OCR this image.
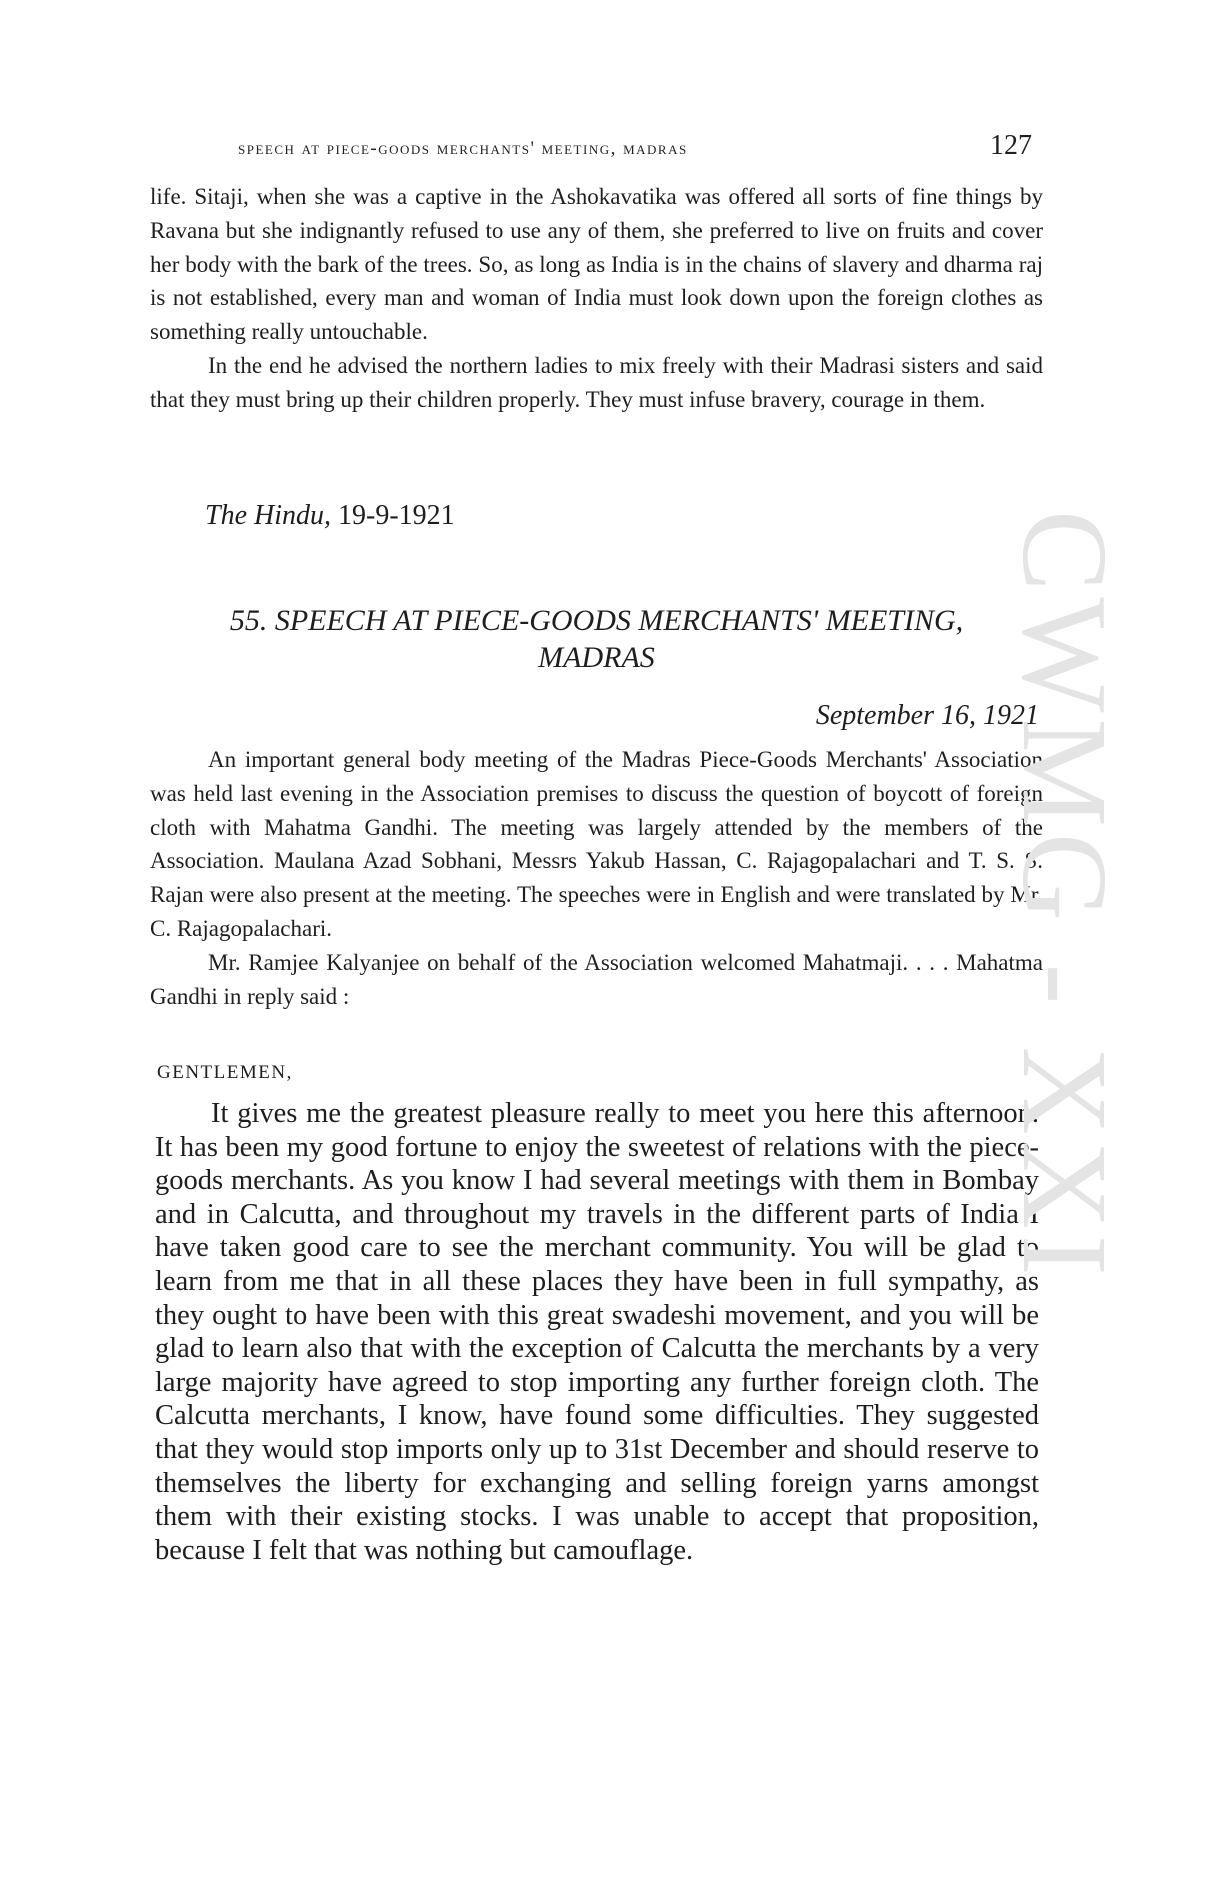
speech at piece-goods merchants' meeting, madras	127

life. Sitaji, when she was a captive in the Ashokavatika was offered all sorts of fine things by Ravana but she indignantly refused to use any of them, she preferred to live on fruits and cover her body with the bark of the trees. So, as long as India is in the chains of slavery and dharma raj is not established, every man and woman of India must look down upon the foreign clothes as something really untouchable.

In the end he advised the northern ladies to mix freely with their Madrasi sisters and said that they must bring up their children properly. They must infuse bravery, courage in them.

The Hindu, 19-9-1921
55. SPEECH AT PIECE-GOODS MERCHANTS' MEETING,
MADRAS
September 16, 1921

An important general body meeting of the Madras Piece-Goods Merchants' Association was held last evening in the Association premises to discuss the question of boycott of foreign cloth with Mahatma Gandhi. The meeting was largely attended by the members of the Association. Maulana Azad Sobhani, Messrs Yakub Hassan, C. Rajagopalachari and T. S. S. Rajan were also present at the meeting. The speeches were in English and were translated by Mr. C. Rajagopalachari.

Mr. Ramjee Kalyanjee on behalf of the Association welcomed Mahatmaji. . . . Mahatma Gandhi in reply said :

GENTLEMEN,

It gives me the greatest pleasure really to meet you here this afternoon. It has been my good fortune to enjoy the sweetest of relations with the piece-goods merchants. As you know I had several meetings with them in Bombay and in Calcutta, and throughout my travels in the different parts of India I have taken good care to see the merchant community. You will be glad to learn from me that in all these places they have been in full sympathy, as they ought to have been with this great swadeshi movement, and you will be glad to learn also that with the exception of Calcutta the merchants by a very large majority have agreed to stop importing any further foreign cloth. The Calcutta merchants, I know, have found some difficulties. They suggested that they would stop imports only up to 31st December and should reserve to themselves the liberty for exchanging and selling foreign yarns amongst them with their existing stocks. I was unable to accept that proposition, because I felt that was nothing but camouflage.

CWMG - XXI
